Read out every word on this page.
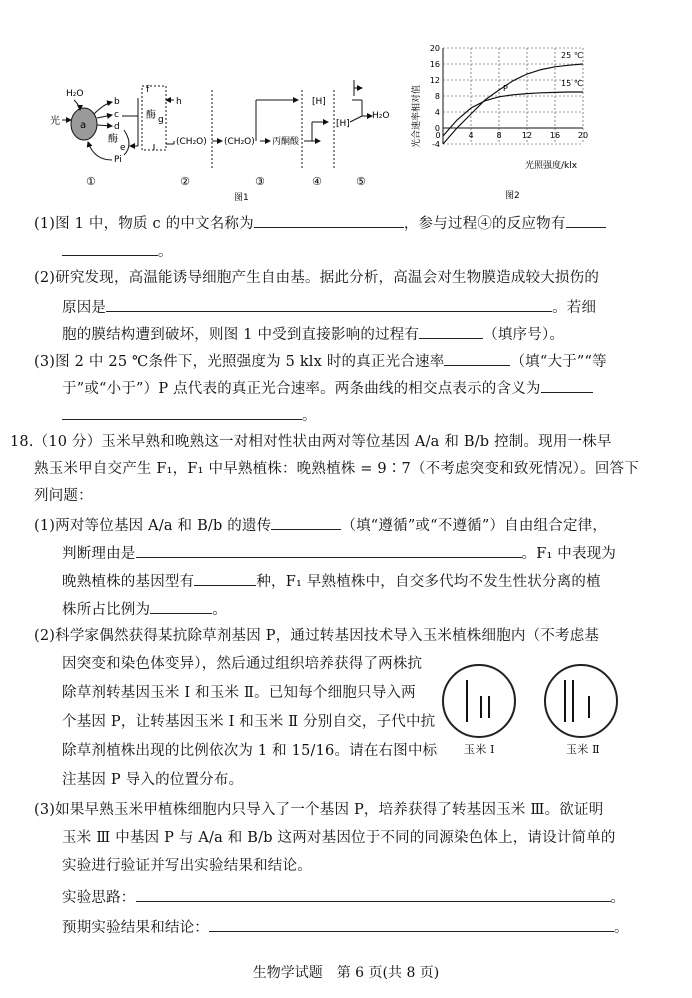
a
H₂O
光
b
c
d
酶
e
Pi
酶
f
g
h
(CH₂O) (CH₂O) 丙酮酸
[H]
[H]
H₂O
①	②	③	④	⑤
图1
光合速率相对值 -4
0
4
8
12
16
20
0	4	8	12 16 20
25 ℃
15 ℃
P
光照强度/klx
图2
(1)图 1 中，物质 c 的中文名称为	，参与过程④的反应物有
。
(2)研究发现，高温能诱导细胞产生自由基。据此分析，高温会对生物膜造成较大损伤的
原因是	。若细
胞的膜结构遭到破坏，则图 1 中受到直接影响的过程有	（填序号）。
(3)图 2 中 25 ℃条件下，光照强度为 5 klx 时的真正光合速率	（填“大于”“等
于”或“小于”）P 点代表的真正光合速率。两条曲线的相交点表示的含义为
。
18.（10 分）玉米早熟和晚熟这一对相对性状由两对等位基因 A/a 和 B/b 控制。现用一株早
熟玉米甲自交产生 F₁，F₁ 中早熟植株：晚熟植株 = 9∶7（不考虑突变和致死情况）。回答下
列问题：
(1)两对等位基因 A/a 和 B/b 的遗传	（填“遵循”或“不遵循”）自由组合定律，
判断理由是	。F₁ 中表现为
晚熟植株的基因型有	种，F₁ 早熟植株中，自交多代均不发生性状分离的植
株所占比例为	。
(2)科学家偶然获得某抗除草剂基因 P，通过转基因技术导入玉米植株细胞内（不考虑基
因突变和染色体变异），然后通过组织培养获得了两株抗
除草剂转基因玉米 Ⅰ 和玉米 Ⅱ。已知每个细胞只导入两
个基因 P，让转基因玉米 Ⅰ 和玉米 Ⅱ 分别自交，子代中抗
除草剂植株出现的比例依次为 1 和 15/16。请在右图中标
注基因 P 导入的位置分布。
玉米 Ⅰ	玉米 Ⅱ
(3)如果早熟玉米甲植株细胞内只导入了一个基因 P，培养获得了转基因玉米 Ⅲ。欲证明
玉米 Ⅲ 中基因 P 与 A/a 和 B/b 这两对基因位于不同的同源染色体上，请设计简单的
实验进行验证并写出实验结果和结论。
实验思路：	。
预期实验结果和结论：	。
生物学试题　第 6 页(共 8 页)
